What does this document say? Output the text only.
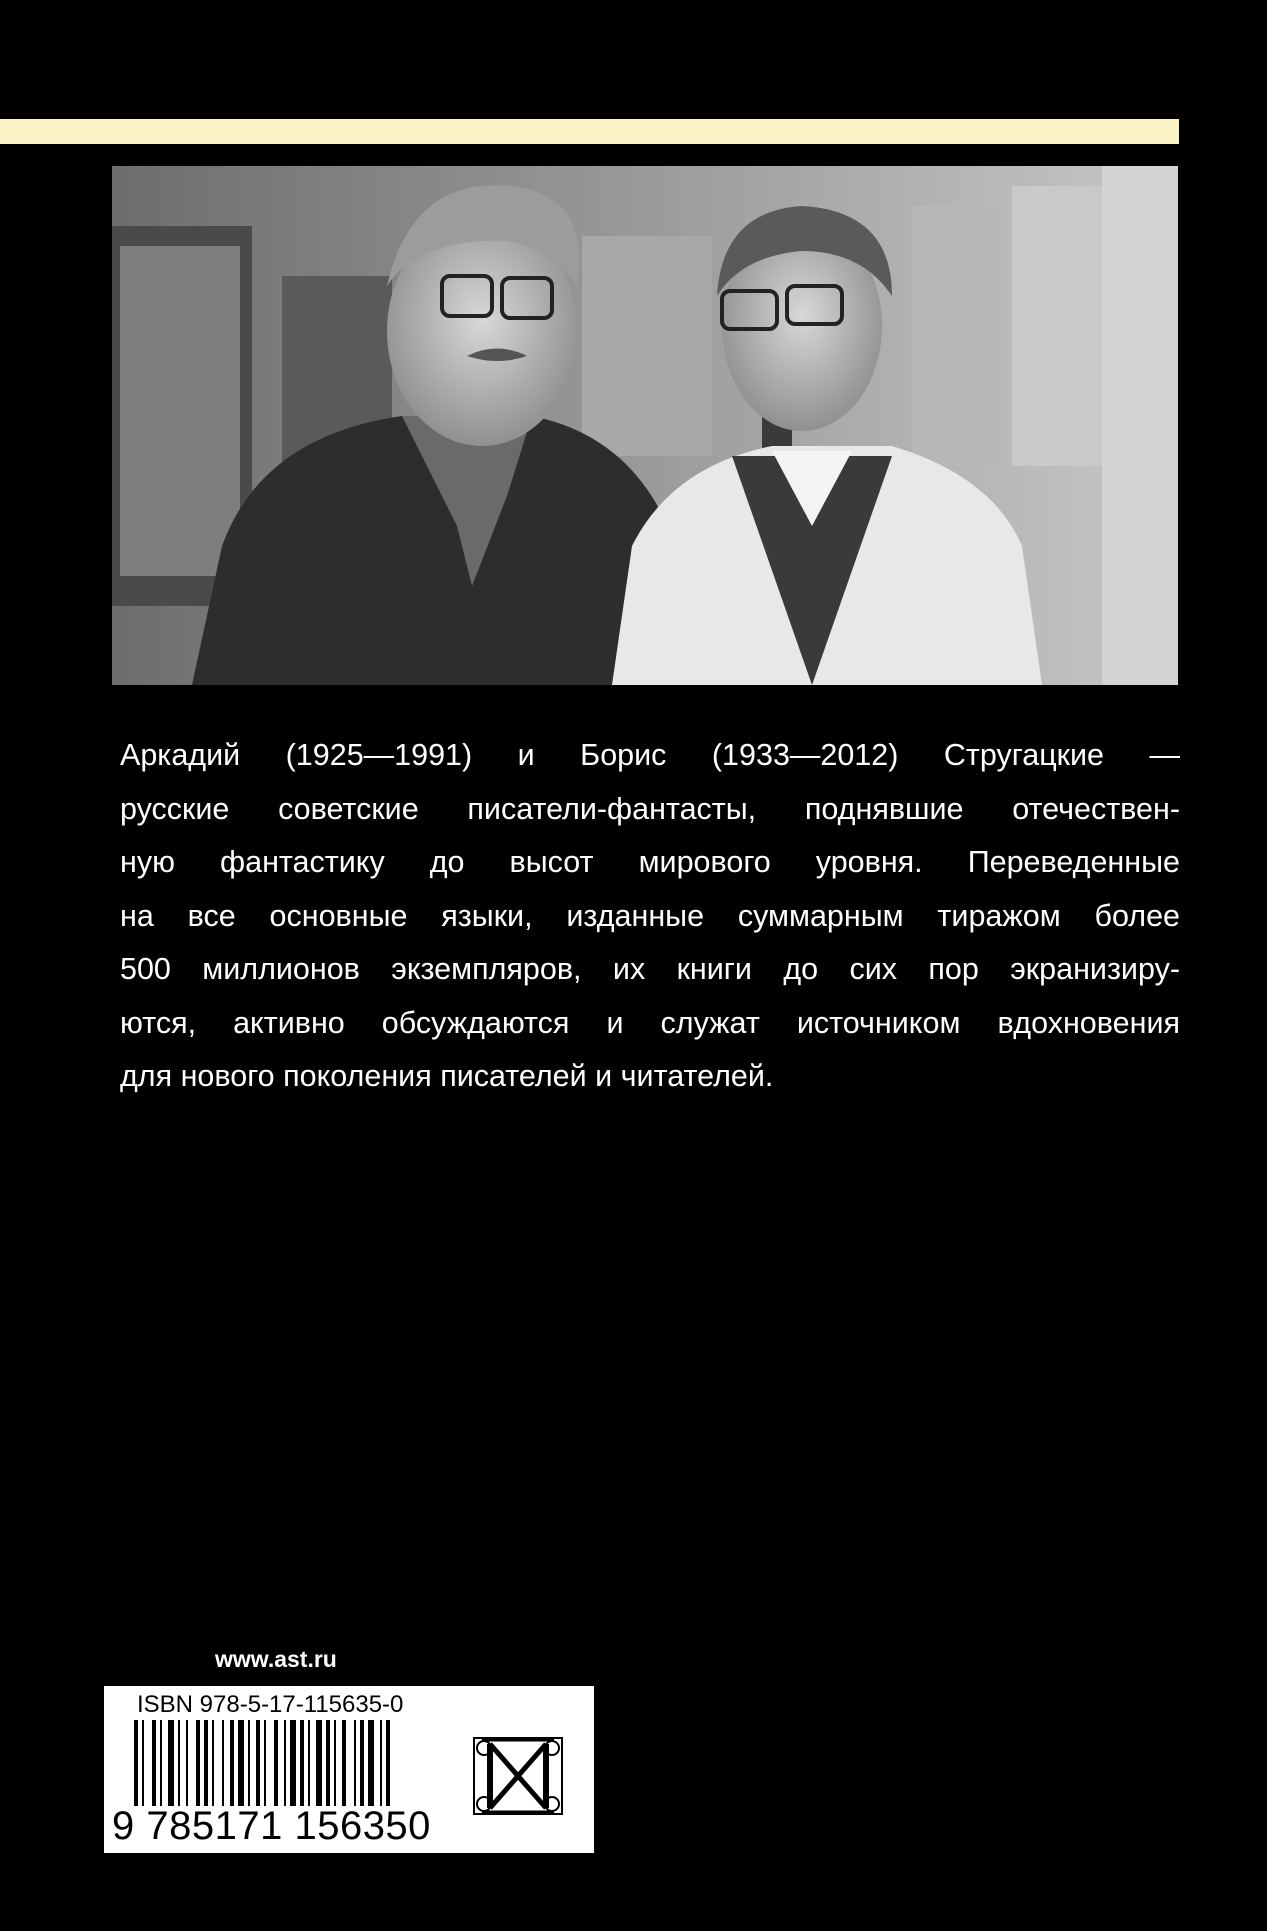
Аркадий (1925—1991) и Борис (1933—2012) Стругацкие —
русские советские писатели-фантасты, поднявшие отечествен-
ную фантастику до высот мирового уровня. Переведенные
на все основные языки, изданные суммарным тиражом более
500 миллионов экземпляров, их книги до сих пор экранизиру-
ются, активно обсуждаются и служат источником вдохновения
для нового поколения писателей и читателей.
www.ast.ru
ISBN 978-5-17-115635-0
9 785171 156350
